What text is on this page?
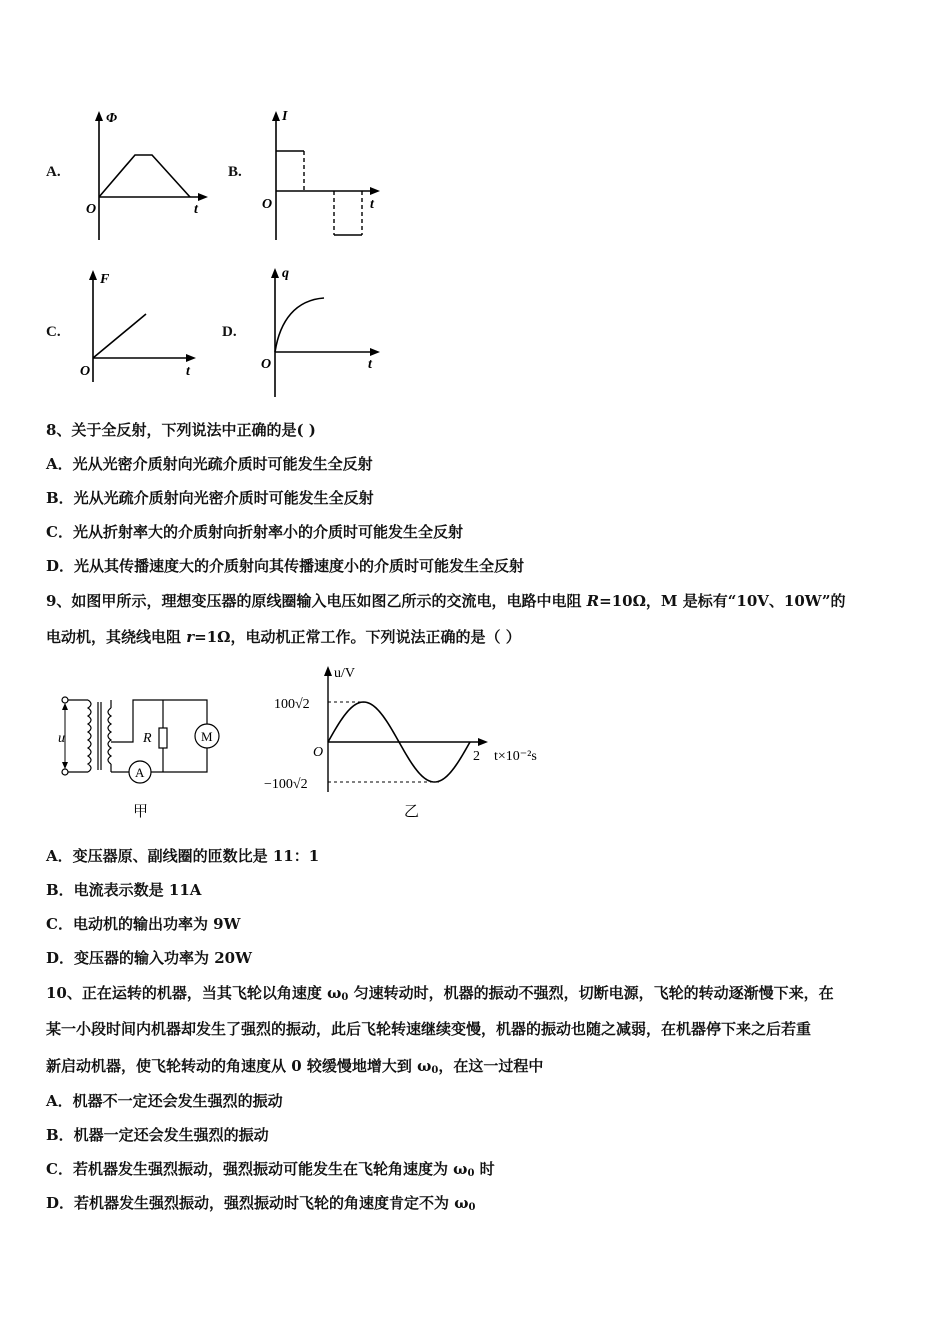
A.
Φ
O	t
B.
I
O	t
C.
F
O	t
D.
q
O	t
8、关于全反射，下列说法中正确的是( )
A．光从光密介质射向光疏介质时可能发生全反射
B．光从光疏介质射向光密介质时可能发生全反射
C．光从折射率大的介质射向折射率小的介质时可能发生全反射
D．光从其传播速度大的介质射向其传播速度小的介质时可能发生全反射
9、如图甲所示，理想变压器的原线圈输入电压如图乙所示的交流电，电路中电阻 R=10Ω，M 是标有“10V、10W”的
电动机，其绕线电阻 r=1Ω，电动机正常工作。下列说法正确的是（ ）
u	R	M
A
甲
u/V
100√2
−100√2
O	2 t×10⁻²s
乙
A．变压器原、副线圈的匝数比是 11：1
B．电流表示数是 11A
C．电动机的输出功率为 9W
D．变压器的输入功率为 20W
10、正在运转的机器，当其飞轮以角速度 $\omega_0$ 匀速转动时，机器的振动不强烈，切断电源，飞轮的转动逐渐慢下来，在
某一小段时间内机器却发生了强烈的振动，此后飞轮转速继续变慢，机器的振动也随之减弱，在机器停下来之后若重
新启动机器，使飞轮转动的角速度从 0 较缓慢地增大到 $\omega_0$，在这一过程中
A．机器不一定还会发生强烈的振动
B．机器一定还会发生强烈的振动
C．若机器发生强烈振动，强烈振动可能发生在飞轮角速度为 $\omega_0$ 时
D．若机器发生强烈振动，强烈振动时飞轮的角速度肯定不为 $\omega_0$
